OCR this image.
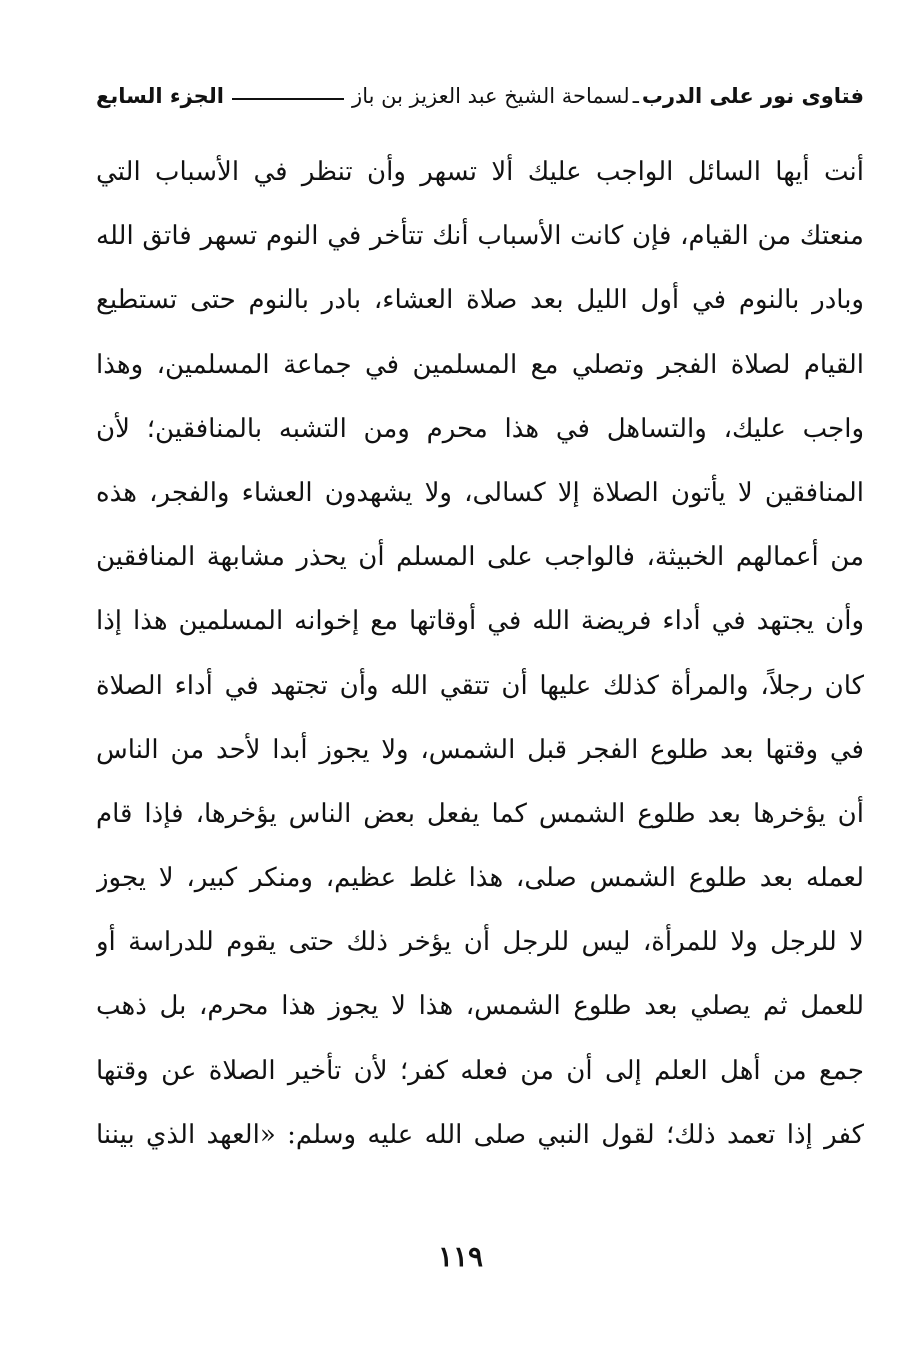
فتاوى نور على الدرب
ـ
لسماحة الشيخ عبد العزيز بن باز
الجزء السابع
أنت أيها السائل الواجب عليك ألا تسهر وأن تنظر في الأسباب التي
منعتك من القيام، فإن كانت الأسباب أنك تتأخر في النوم تسهر فاتق الله
وبادر بالنوم في أول الليل بعد صلاة العشاء، بادر بالنوم حتى تستطيع
القيام لصلاة الفجر وتصلي مع المسلمين في جماعة المسلمين، وهذا
واجب عليك، والتساهل في هذا محرم ومن التشبه بالمنافقين؛ لأن
المنافقين لا يأتون الصلاة إلا كسالى، ولا يشهدون العشاء والفجر، هذه
من أعمالهم الخبيثة، فالواجب على المسلم أن يحذر مشابهة المنافقين
وأن يجتهد في أداء فريضة الله في أوقاتها مع إخوانه المسلمين هذا إذا
كان رجلاً، والمرأة كذلك عليها أن تتقي الله وأن تجتهد في أداء الصلاة
في وقتها بعد طلوع الفجر قبل الشمس، ولا يجوز أبدا لأحد من الناس
أن يؤخرها بعد طلوع الشمس كما يفعل بعض الناس يؤخرها، فإذا قام
لعمله بعد طلوع الشمس صلى، هذا غلط عظيم، ومنكر كبير، لا يجوز
لا للرجل ولا للمرأة، ليس للرجل أن يؤخر ذلك حتى يقوم للدراسة أو
للعمل ثم يصلي بعد طلوع الشمس، هذا لا يجوز هذا محرم، بل ذهب
جمع من أهل العلم إلى أن من فعله كفر؛ لأن تأخير الصلاة عن وقتها
كفر إذا تعمد ذلك؛ لقول النبي صلى الله عليه وسلم: «العهد الذي بيننا
١١٩
